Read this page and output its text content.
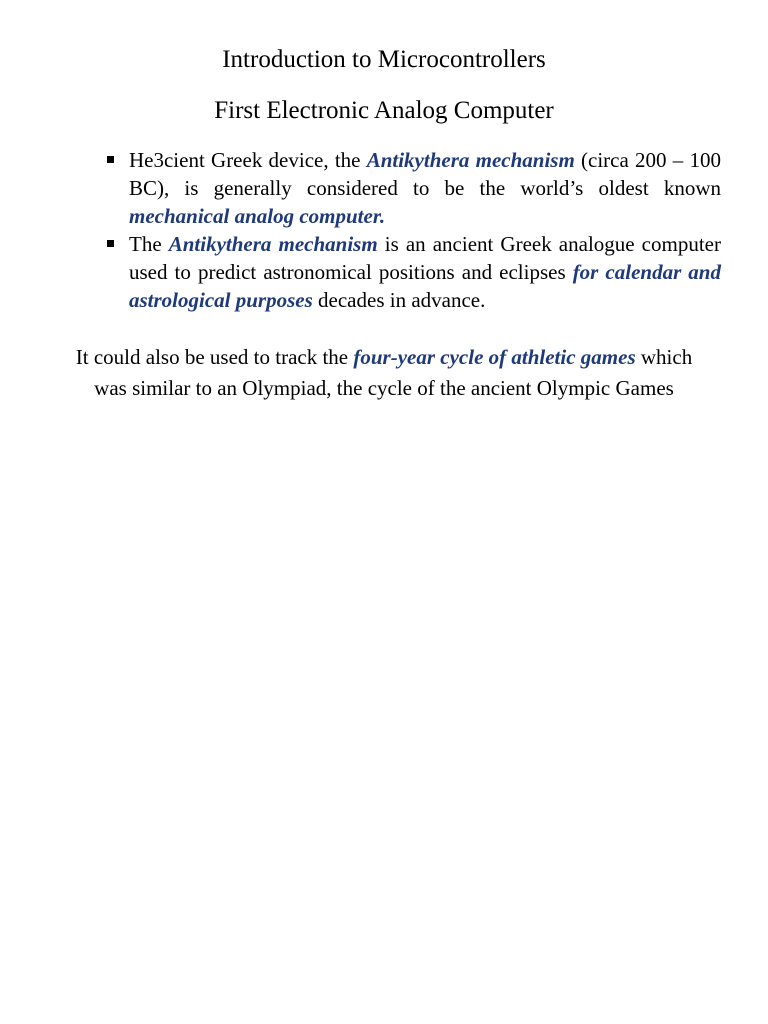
Introduction to Microcontrollers
First Electronic Analog Computer
He3cient Greek device, the Antikythera mechanism (circa 200 – 100 BC), is generally considered to be the world’s oldest known mechanical analog computer.
The Antikythera mechanism is an ancient Greek analogue computer used to predict astronomical positions and eclipses for calendar and astrological purposes decades in advance.
It could also be used to track the four-year cycle of athletic games which was similar to an Olympiad, the cycle of the ancient Olympic Games
